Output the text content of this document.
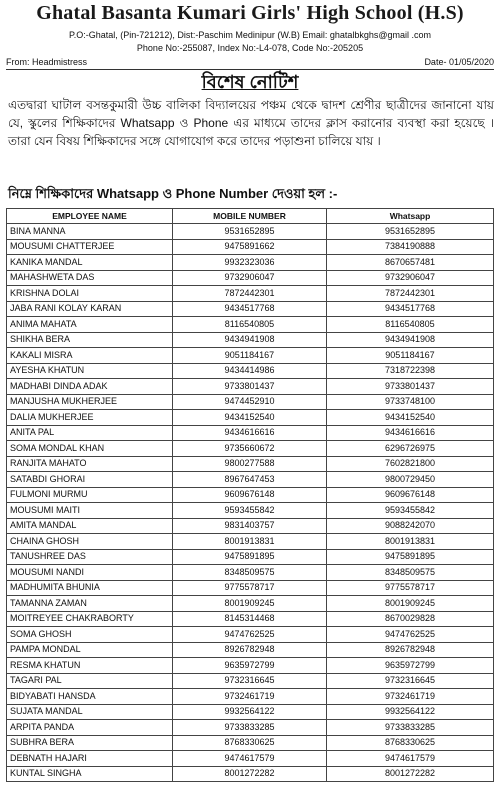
Ghatal Basanta Kumari Girls' High School (H.S)
P.O:-Ghatal, (Pin-721212), Dist:-Paschim Medinipur (W.B) Email: ghatalbkghs@gmail .com
Phone No:-255087, Index No:-L4-078, Code No:-205205
From: Headmistress	Date- 01/05/2020
বিশেষ নোটিশ
এতদ্বারা ঘাটাল বসন্তকুমারী উচ্চ বালিকা বিদ্যালয়ের পঞ্চম থেকে দ্বাদশ শ্রেণীর ছাত্রীদের জানানো যায় যে, স্কুলের শিক্ষিকাদের Whatsapp ও Phone এর মাধ্যমে তাদের ক্লাস করানোর ব্যবস্থা করা হয়েছে । তারা যেন বিষয় শিক্ষিকাদের সঙ্গে যোগাযোগ করে তাদের পড়াশুনা চালিয়ে যায় ।
নিম্নে শিক্ষিকাদের Whatsapp ও Phone Number দেওয়া হল :-
EMPLOYEE NAME	MOBILE NUMBER	Whatsapp
BINA MANNA	9531652895	9531652895
MOUSUMI CHATTERJEE	9475891662	7384190888
KANIKA MANDAL	9932323036	8670657481
MAHASHWETA DAS	9732906047	9732906047
KRISHNA DOLAI	7872442301	7872442301
JABA RANI KOLAY KARAN	9434517768	9434517768
ANIMA MAHATA	8116540805	8116540805
SHIKHA BERA	9434941908	9434941908
KAKALI MISRA	9051184167	9051184167
AYESHA KHATUN	9434414986	7318722398
MADHABI DINDA ADAK	9733801437	9733801437
MANJUSHA MUKHERJEE	9474452910	9733748100
DALIA MUKHERJEE	9434152540	9434152540
ANITA PAL	9434616616	9434616616
SOMA MONDAL KHAN	9735660672	6296726975
RANJITA MAHATO	9800277588	7602821800
SATABDI GHORAI	8967647453	9800729450
FULMONI MURMU	9609676148	9609676148
MOUSUMI MAITI	9593455842	9593455842
AMITA MANDAL	9831403757	9088242070
CHAINA GHOSH	8001913831	8001913831
TANUSHREE DAS	9475891895	9475891895
MOUSUMI NANDI	8348509575	8348509575
MADHUMITA BHUNIA	9775578717	9775578717
TAMANNA ZAMAN	8001909245	8001909245
MOITREYEE CHAKRABORTY	8145314468	8670029828
SOMA GHOSH	9474762525	9474762525
PAMPA MONDAL	8926782948	8926782948
RESMA KHATUN	9635972799	9635972799
TAGARI PAL	9732316645	9732316645
BIDYABATI HANSDA	9732461719	9732461719
SUJATA MANDAL	9932564122	9932564122
ARPITA PANDA	9733833285	9733833285
SUBHRA BERA	8768330625	8768330625
DEBNATH HAJARI	9474617579	9474617579
KUNTAL SINGHA	8001272282	8001272282
